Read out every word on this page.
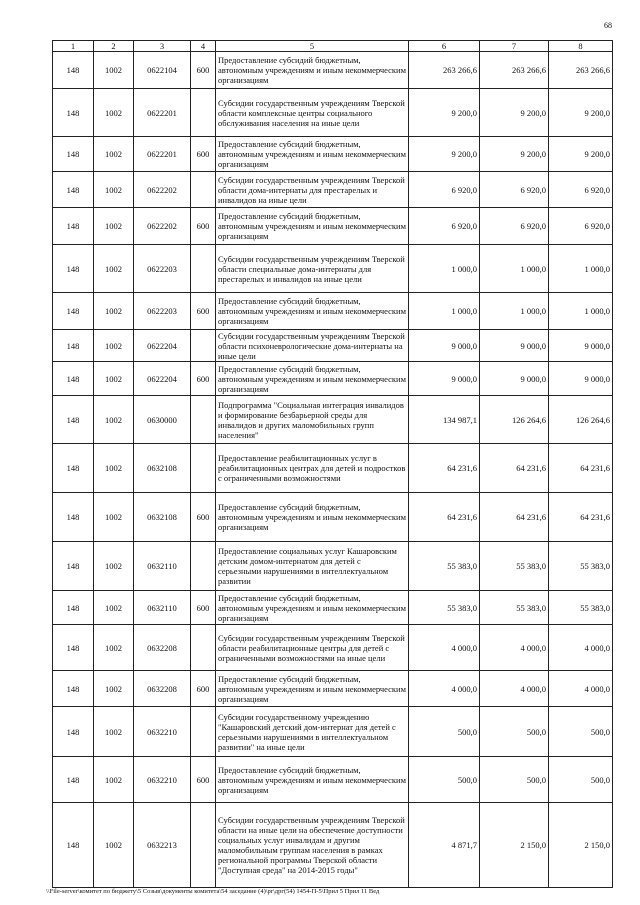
68
1	2	3	4	5	6	7	8
148	1002	0622104	600	Предоставление субсидий бюджетным, автономным учреждениям и иным некоммерческим организациям	263 266,6	263 266,6	263 266,6
148	1002	0622201		Субсидии государственным учреждениям Тверской области комплексные центры социального обслуживания населения на иные цели	9 200,0	9 200,0	9 200,0
148	1002	0622201	600	Предоставление субсидий бюджетным, автономным учреждениям и иным некоммерческим организациям	9 200,0	9 200,0	9 200,0
148	1002	0622202		Субсидии государственным учреждениям Тверской области дома-интернаты для престарелых и инвалидов на иные цели	6 920,0	6 920,0	6 920,0
148	1002	0622202	600	Предоставление субсидий бюджетным, автономным учреждениям и иным некоммерческим организациям	6 920,0	6 920,0	6 920,0
148	1002	0622203		Субсидии государственным учреждениям Тверской области специальные дома-интернаты для престарелых и инвалидов на иные цели	1 000,0	1 000,0	1 000,0
148	1002	0622203	600	Предоставление субсидий бюджетным, автономным учреждениям и иным некоммерческим организациям	1 000,0	1 000,0	1 000,0
148	1002	0622204		Субсидии государственным учреждениям Тверской области психоневрологические дома-интернаты на иные цели	9 000,0	9 000,0	9 000,0
148	1002	0622204	600	Предоставление субсидий бюджетным, автономным учреждениям и иным некоммерческим организациям	9 000,0	9 000,0	9 000,0
148	1002	0630000		Подпрограмма "Социальная интеграция инвалидов и формирование безбарьерной среды для инвалидов и других маломобильных групп населения"	134 987,1	126 264,6	126 264,6
148	1002	0632108		Предоставление реабилитационных услуг в реабилитационных центрах для детей и подростков с ограниченными возможностями	64 231,6	64 231,6	64 231,6
148	1002	0632108	600	Предоставление субсидий бюджетным, автономным учреждениям и иным некоммерческим организациям	64 231,6	64 231,6	64 231,6
148	1002	0632110		Предоставление социальных услуг Кашаровским детским домом-интернатом для детей с серьезными нарушениями в интеллектуальном развитии	55 383,0	55 383,0	55 383,0
148	1002	0632110	600	Предоставление субсидий бюджетным, автономным учреждениям и иным некоммерческим организациям	55 383,0	55 383,0	55 383,0
148	1002	0632208		Субсидии государственным учреждениям Тверской области реабилитационные центры для детей с ограниченными возможностями на иные цели	4 000,0	4 000,0	4 000,0
148	1002	0632208	600	Предоставление субсидий бюджетным, автономным учреждениям и иным некоммерческим организациям	4 000,0	4 000,0	4 000,0
148	1002	0632210		Субсидии государственному учреждению "Кашаровский детский дом-интернат для детей с серьезными нарушениями в интеллектуальном развитии" на иные цели	500,0	500,0	500,0
148	1002	0632210	600	Предоставление субсидий бюджетным, автономным учреждениям и иным некоммерческим организациям	500,0	500,0	500,0
148	1002	0632213		Субсидии государственным учреждениям Тверской области на иные цели на обеспечение доступности социальных услуг инвалидам и другим маломобильным группам населения в рамках региональной программы Тверской области "Доступная среда" на 2014-2015 годы"	4 871,7	2 150,0	2 150,0
\\File-server\комитет по бюджету\5 Созыв\документы комитета\54 заседание (4)\pr\дрг(54) 1454-П-5\Прил 5 Прил 11 Вед
